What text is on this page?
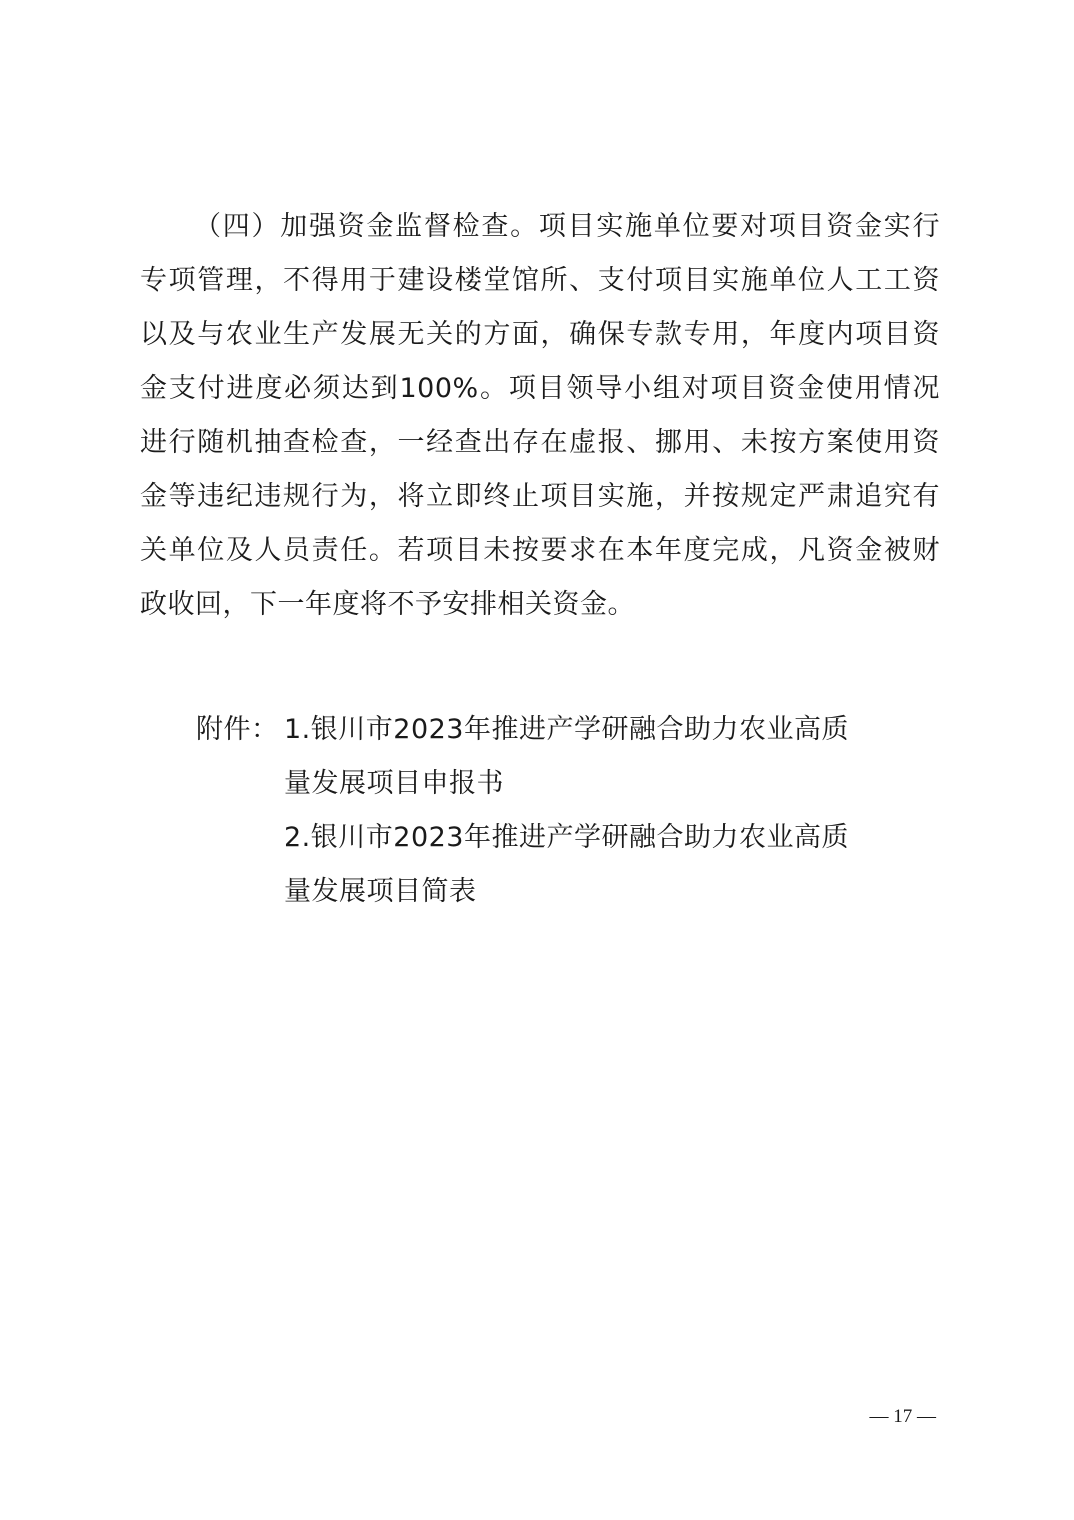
（四）加强资金监督检查。项目实施单位要对项目资金实行
专项管理，不得用于建设楼堂馆所、支付项目实施单位人工工资
以及与农业生产发展无关的方面，确保专款专用，年度内项目资
金支付进度必须达到100%。项目领导小组对项目资金使用情况
进行随机抽查检查，一经查出存在虚报、挪用、未按方案使用资
金等违纪违规行为，将立即终止项目实施，并按规定严肃追究有
关单位及人员责任。若项目未按要求在本年度完成，凡资金被财
政收回，下一年度将不予安排相关资金。
附件： 1.银川市2023年推进产学研融合助力农业高质
量发展项目申报书
2.银川市2023年推进产学研融合助力农业高质
量发展项目简表
— 17 —
